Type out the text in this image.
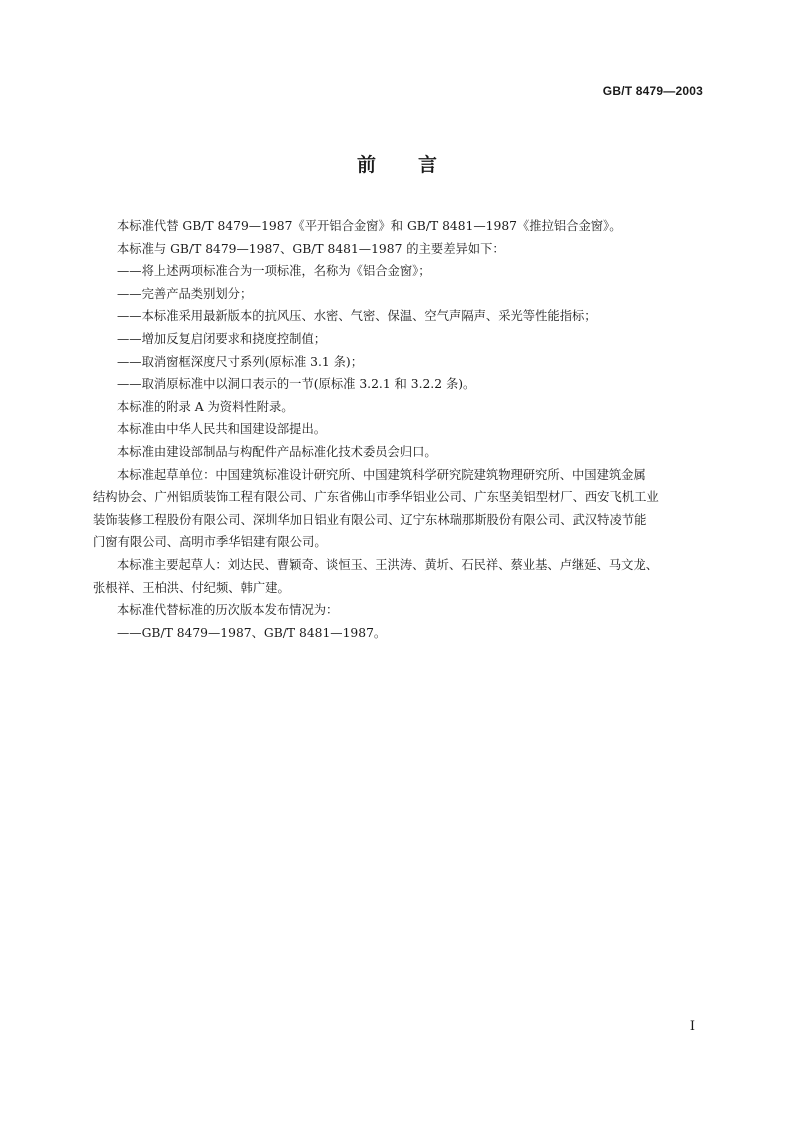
GB/T 8479—2003
前言
本标准代替 GB/T 8479—1987《平开铝合金窗》和 GB/T 8481—1987《推拉铝合金窗》。
本标准与 GB/T 8479—1987、GB/T 8481—1987 的主要差异如下：
——将上述两项标准合为一项标准，名称为《铝合金窗》；
——完善产品类别划分；
——本标准采用最新版本的抗风压、水密、气密、保温、空气声隔声、采光等性能指标；
——增加反复启闭要求和挠度控制值；
——取消窗框深度尺寸系列(原标准 3.1 条)；
——取消原标准中以洞口表示的一节(原标准 3.2.1 和 3.2.2 条)。
本标准的附录 A 为资料性附录。
本标准由中华人民共和国建设部提出。
本标准由建设部制品与构配件产品标准化技术委员会归口。
本标准起草单位：中国建筑标准设计研究所、中国建筑科学研究院建筑物理研究所、中国建筑金属
结构协会、广州铝质装饰工程有限公司、广东省佛山市季华铝业公司、广东坚美铝型材厂、西安飞机工业
装饰装修工程股份有限公司、深圳华加日铝业有限公司、辽宁东林瑞那斯股份有限公司、武汉特凌节能
门窗有限公司、高明市季华铝建有限公司。
本标准主要起草人：刘达民、曹颖奇、谈恒玉、王洪涛、黄圻、石民祥、蔡业基、卢继延、马文龙、
张根祥、王柏洪、付纪频、韩广建。
本标准代替标准的历次版本发布情况为：
——GB/T 8479—1987、GB/T 8481—1987。
I
